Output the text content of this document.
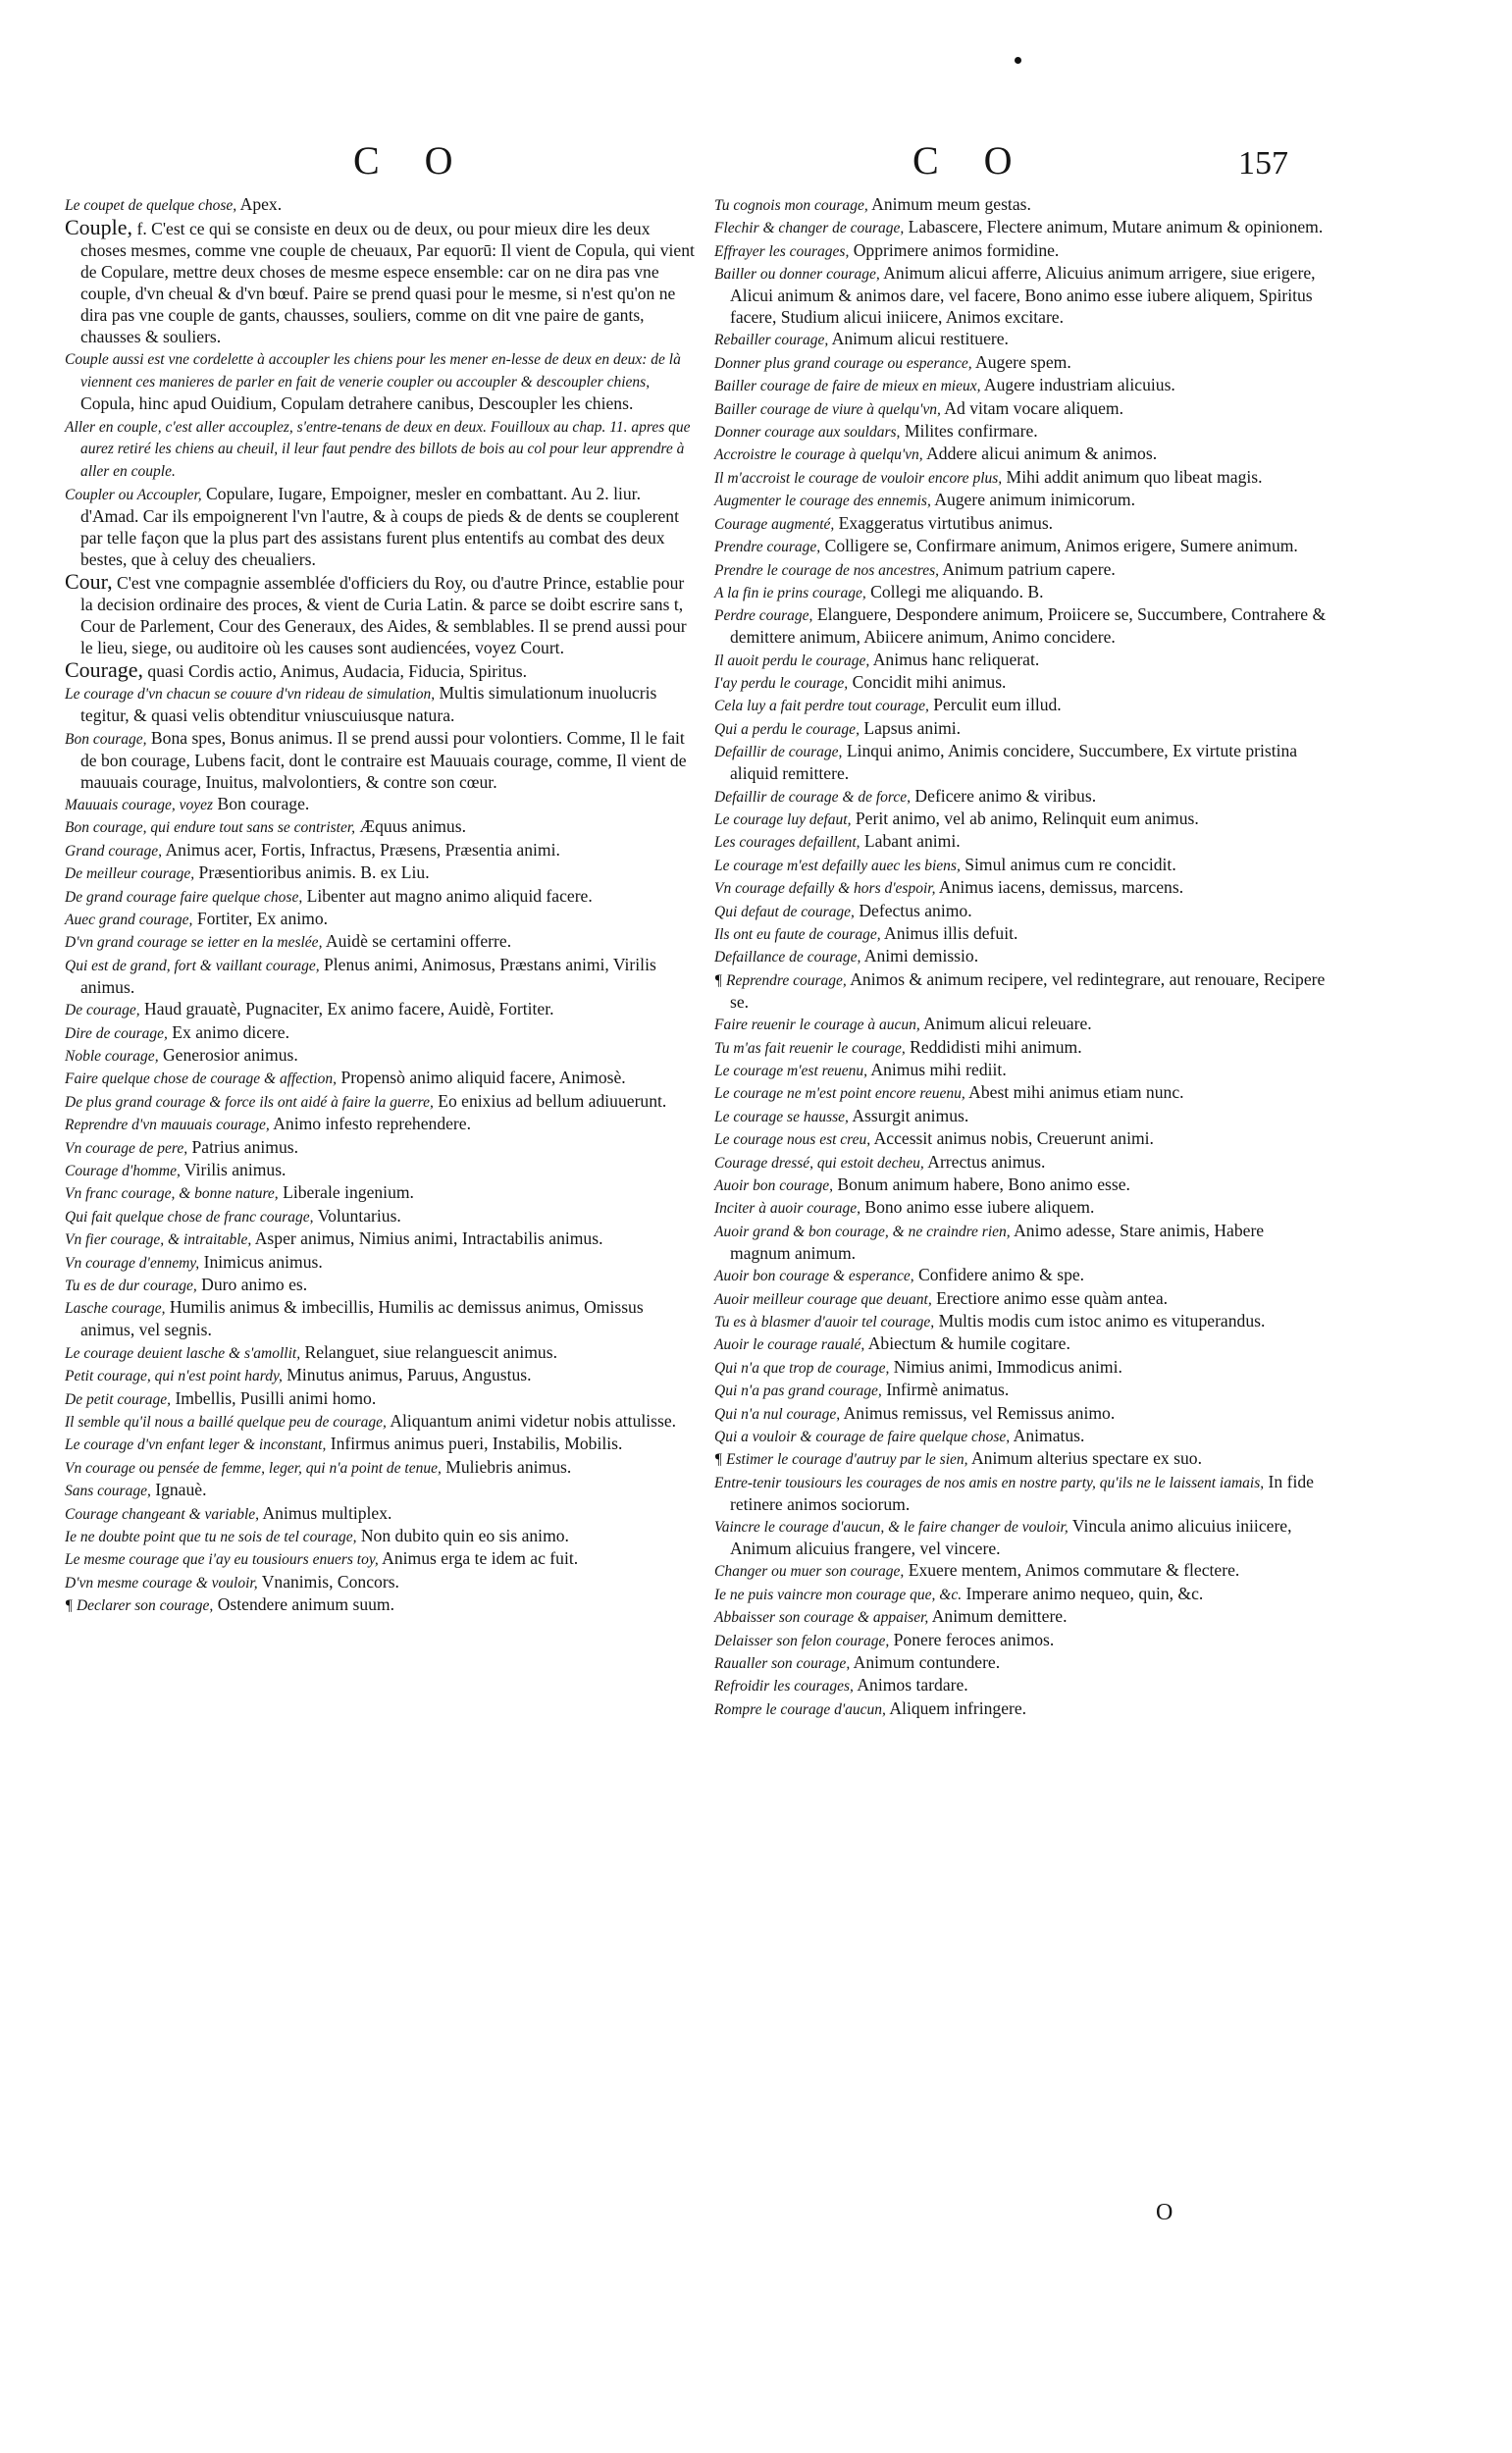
C O	C O	157
Le coupet de quelque chose, Apex.
Couple, f. C'est ce qui se consiste en deux ou de deux, ou pour mieux dire les deux choses mesmes, comme vne couple de cheuaux, Par equorū: Il vient de Copula, qui vient de Copulare, mettre deux choses de mesme espece ensemble: car on ne dira pas vne couple, d'vn cheual & d'vn bœuf. Paire se prend quasi pour le mesme, si n'est qu'on ne dira pas vne couple de gants, chausses, souliers, comme on dit vne paire de gants, chausses & souliers.
Couple aussi est vne cordelette à accoupler les chiens pour les mener en-lesse de deux en deux: de là viennent ces manieres de parler en fait de venerie coupler ou accoupler & descoupler chiens, Copula, hinc apud Ouidium, Copulam detrahere canibus, Descoupler les chiens.
Aller en couple, c'est aller accouplez, s'entre-tenans de deux en deux. Fouilloux au chap. 11. apres que aurez retiré les chiens au cheuil, il leur faut pendre des billots de bois au col pour leur apprendre à aller en couple.
Coupler ou Accoupler, Copulare, Iugare, Empoigner, mesler en combattant. Au 2. liur. d'Amad. Car ils empoignerent l'vn l'autre, & à coups de pieds & de dents se couplerent par telle façon que la plus part des assistans furent plus ententifs au combat des deux bestes, que à celuy des cheualiers.
Cour, C'est vne compagnie assemblée d'officiers du Roy, ou d'autre Prince, establie pour la decision ordinaire des proces, & vient de Curia Latin. & parce se doibt escrire sans t, Cour de Parlement, Cour des Generaux, des Aides, & semblables. Il se prend aussi pour le lieu, siege, ou auditoire où les causes sont audiencées, voyez Court.
Courage, quasi Cordis actio, Animus, Audacia, Fiducia, Spiritus.
Le courage d'vn chacun se couure d'vn rideau de simulation, Multis simulationum inuolucris tegitur, & quasi velis obtenditur vniuscuiusque natura.
Bon courage, Bona spes, Bonus animus. Il se prend aussi pour volontiers. Comme, Il le fait de bon courage, Lubens facit, dont le contraire est Mauuais courage, comme, Il vient de mauuais courage, Inuitus, malvolontiers, & contre son cœur.
Mauuais courage, voyez Bon courage.
Bon courage, qui endure tout sans se contrister, Æquus animus.
Grand courage, Animus acer, Fortis, Infractus, Præsens, Præsentia animi.
De meilleur courage, Præsentioribus animis. B. ex Liu.
De grand courage faire quelque chose, Libenter aut magno animo aliquid facere.
Auec grand courage, Fortiter, Ex animo.
D'vn grand courage se ietter en la meslée, Auidè se certamini offerre.
Qui est de grand, fort & vaillant courage, Plenus animi, Animosus, Præstans animi, Virilis animus.
De courage, Haud grauatè, Pugnaciter, Ex animo facere, Auidè, Fortiter.
Dire de courage, Ex animo dicere.
Noble courage, Generosior animus.
Faire quelque chose de courage & affection, Propensò animo aliquid facere, Animosè.
De plus grand courage & force ils ont aidé à faire la guerre, Eo enixius ad bellum adiuuerunt.
Reprendre d'vn mauuais courage, Animo infesto reprehendere.
Vn courage de pere, Patrius animus.
Courage d'homme, Virilis animus.
Vn franc courage, & bonne nature, Liberale ingenium.
Qui fait quelque chose de franc courage, Voluntarius.
Vn fier courage, & intraitable, Asper animus, Nimius animi, Intractabilis animus.
Vn courage d'ennemy, Inimicus animus.
Tu es de dur courage, Duro animo es.
Lasche courage, Humilis animus & imbecillis, Humilis ac demissus animus, Omissus animus, vel segnis.
Le courage deuient lasche & s'amollit, Relanguet, siue relanguescit animus.
Petit courage, qui n'est point hardy, Minutus animus, Paruus, Angustus.
De petit courage, Imbellis, Pusilli animi homo.
Il semble qu'il nous a baillé quelque peu de courage, Aliquantum animi videtur nobis attulisse.
Le courage d'vn enfant leger & inconstant, Infirmus animus pueri, Instabilis, Mobilis.
Vn courage ou pensée de femme, leger, qui n'a point de tenue, Muliebris animus.
Sans courage, Ignauè.
Courage changeant & variable, Animus multiplex.
Ie ne doubte point que tu ne sois de tel courage, Non dubito quin eo sis animo.
Le mesme courage que i'ay eu tousiours enuers toy, Animus erga te idem ac fuit.
D'vn mesme courage & vouloir, Vnanimis, Concors.
¶ Declarer son courage, Ostendere animum suum.
Tu cognois mon courage, Animum meum gestas.
Flechir & changer de courage, Labascere, Flectere animum, Mutare animum & opinionem.
Effrayer les courages, Opprimere animos formidine.
Bailler ou donner courage, Animum alicui afferre, Alicuius animum arrigere, siue erigere, Alicui animum & animos dare, vel facere, Bono animo esse iubere aliquem, Spiritus facere, Studium alicui iniicere, Animos excitare.
Rebailler courage, Animum alicui restituere.
Donner plus grand courage ou esperance, Augere spem.
Bailler courage de faire de mieux en mieux, Augere industriam alicuius.
Bailler courage de viure à quelqu'vn, Ad vitam vocare aliquem.
Donner courage aux souldars, Milites confirmare.
Accroistre le courage à quelqu'vn, Addere alicui animum & animos.
Il m'accroist le courage de vouloir encore plus, Mihi addit animum quo libeat magis.
Augmenter le courage des ennemis, Augere animum inimicorum.
Courage augmenté, Exaggeratus virtutibus animus.
Prendre courage, Colligere se, Confirmare animum, Animos erigere, Sumere animum.
Prendre le courage de nos ancestres, Animum patrium capere.
A la fin ie prins courage, Collegi me aliquando. B.
Perdre courage, Elanguere, Despondere animum, Proiicere se, Succumbere, Contrahere & demittere animum, Abiicere animum, Animo concidere.
Il auoit perdu le courage, Animus hanc reliquerat.
I'ay perdu le courage, Concidit mihi animus.
Cela luy a fait perdre tout courage, Perculit eum illud.
Qui a perdu le courage, Lapsus animi.
Defaillir de courage, Linqui animo, Animis concidere, Succumbere, Ex virtute pristina aliquid remittere.
Defaillir de courage & de force, Deficere animo & viribus.
Le courage luy defaut, Perit animo, vel ab animo, Relinquit eum animus.
Les courages defaillent, Labant animi.
Le courage m'est defailly auec les biens, Simul animus cum re concidit.
Vn courage defailly & hors d'espoir, Animus iacens, demissus, marcens.
Qui defaut de courage, Defectus animo.
Ils ont eu faute de courage, Animus illis defuit.
Defaillance de courage, Animi demissio.
¶ Reprendre courage, Animos & animum recipere, vel redintegrare, aut renouare, Recipere se.
Faire reuenir le courage à aucun, Animum alicui releuare.
Tu m'as fait reuenir le courage, Reddidisti mihi animum.
Le courage m'est reuenu, Animus mihi rediit.
Le courage ne m'est point encore reuenu, Abest mihi animus etiam nunc.
Le courage se hausse, Assurgit animus.
Le courage nous est creu, Accessit animus nobis, Creuerunt animi.
Courage dressé, qui estoit decheu, Arrectus animus.
Auoir bon courage, Bonum animum habere, Bono animo esse.
Inciter à auoir courage, Bono animo esse iubere aliquem.
Auoir grand & bon courage, & ne craindre rien, Animo adesse, Stare animis, Habere magnum animum.
Auoir bon courage & esperance, Confidere animo & spe.
Auoir meilleur courage que deuant, Erectiore animo esse quàm antea.
Tu es à blasmer d'auoir tel courage, Multis modis cum istoc animo es vituperandus.
Auoir le courage raualé, Abiectum & humile cogitare.
Qui n'a que trop de courage, Nimius animi, Immodicus animi.
Qui n'a pas grand courage, Infirmè animatus.
Qui n'a nul courage, Animus remissus, vel Remissus animo.
Qui a vouloir & courage de faire quelque chose, Animatus.
¶ Estimer le courage d'autruy par le sien, Animum alterius spectare ex suo.
Entre-tenir tousiours les courages de nos amis en nostre party, qu'ils ne le laissent iamais, In fide retinere animos sociorum.
Vaincre le courage d'aucun, & le faire changer de vouloir, Vincula animo alicuius iniicere, Animum alicuius frangere, vel vincere.
Changer ou muer son courage, Exuere mentem, Animos commutare & flectere.
Ie ne puis vaincre mon courage que, &c. Imperare animo nequeo, quin, &c.
Abbaisser son courage & appaiser, Animum demittere.
Delaisser son felon courage, Ponere feroces animos.
Raualler son courage, Animum contundere.
Refroidir les courages, Animos tardare.
Rompre le courage d'aucun, Aliquem infringere.
O
